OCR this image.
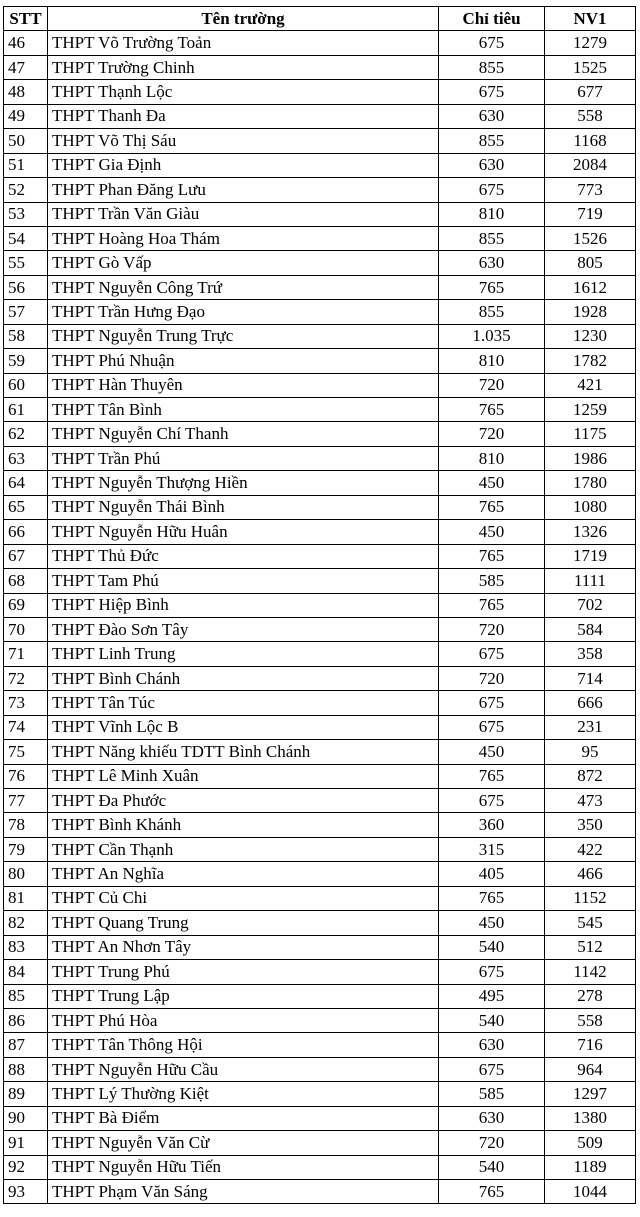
STT	Tên trường	Chỉ tiêu	NV1
46	THPT Võ Trường Toản	675	1279
47	THPT Trường Chinh	855	1525
48	THPT Thạnh Lộc	675	677
49	THPT Thanh Đa	630	558
50	THPT Võ Thị Sáu	855	1168
51	THPT Gia Định	630	2084
52	THPT Phan Đăng Lưu	675	773
53	THPT Trần Văn Giàu	810	719
54	THPT Hoàng Hoa Thám	855	1526
55	THPT Gò Vấp	630	805
56	THPT Nguyễn Công Trứ	765	1612
57	THPT Trần Hưng Đạo	855	1928
58	THPT Nguyễn Trung Trực	1.035	1230
59	THPT Phú Nhuận	810	1782
60	THPT Hàn Thuyên	720	421
61	THPT Tân Bình	765	1259
62	THPT Nguyễn Chí Thanh	720	1175
63	THPT Trần Phú	810	1986
64	THPT Nguyễn Thượng Hiền	450	1780
65	THPT Nguyễn Thái Bình	765	1080
66	THPT Nguyễn Hữu Huân	450	1326
67	THPT Thủ Đức	765	1719
68	THPT Tam Phú	585	1111
69	THPT Hiệp Bình	765	702
70	THPT Đào Sơn Tây	720	584
71	THPT Linh Trung	675	358
72	THPT Bình Chánh	720	714
73	THPT Tân Túc	675	666
74	THPT Vĩnh Lộc B	675	231
75	THPT Năng khiếu TDTT Bình Chánh	450	95
76	THPT Lê Minh Xuân	765	872
77	THPT Đa Phước	675	473
78	THPT Bình Khánh	360	350
79	THPT Cần Thạnh	315	422
80	THPT An Nghĩa	405	466
81	THPT Củ Chi	765	1152
82	THPT Quang Trung	450	545
83	THPT An Nhơn Tây	540	512
84	THPT Trung Phú	675	1142
85	THPT Trung Lập	495	278
86	THPT Phú Hòa	540	558
87	THPT Tân Thông Hội	630	716
88	THPT Nguyễn Hữu Cầu	675	964
89	THPT Lý Thường Kiệt	585	1297
90	THPT Bà Điểm	630	1380
91	THPT Nguyễn Văn Cừ	720	509
92	THPT Nguyễn Hữu Tiến	540	1189
93	THPT Phạm Văn Sáng	765	1044
